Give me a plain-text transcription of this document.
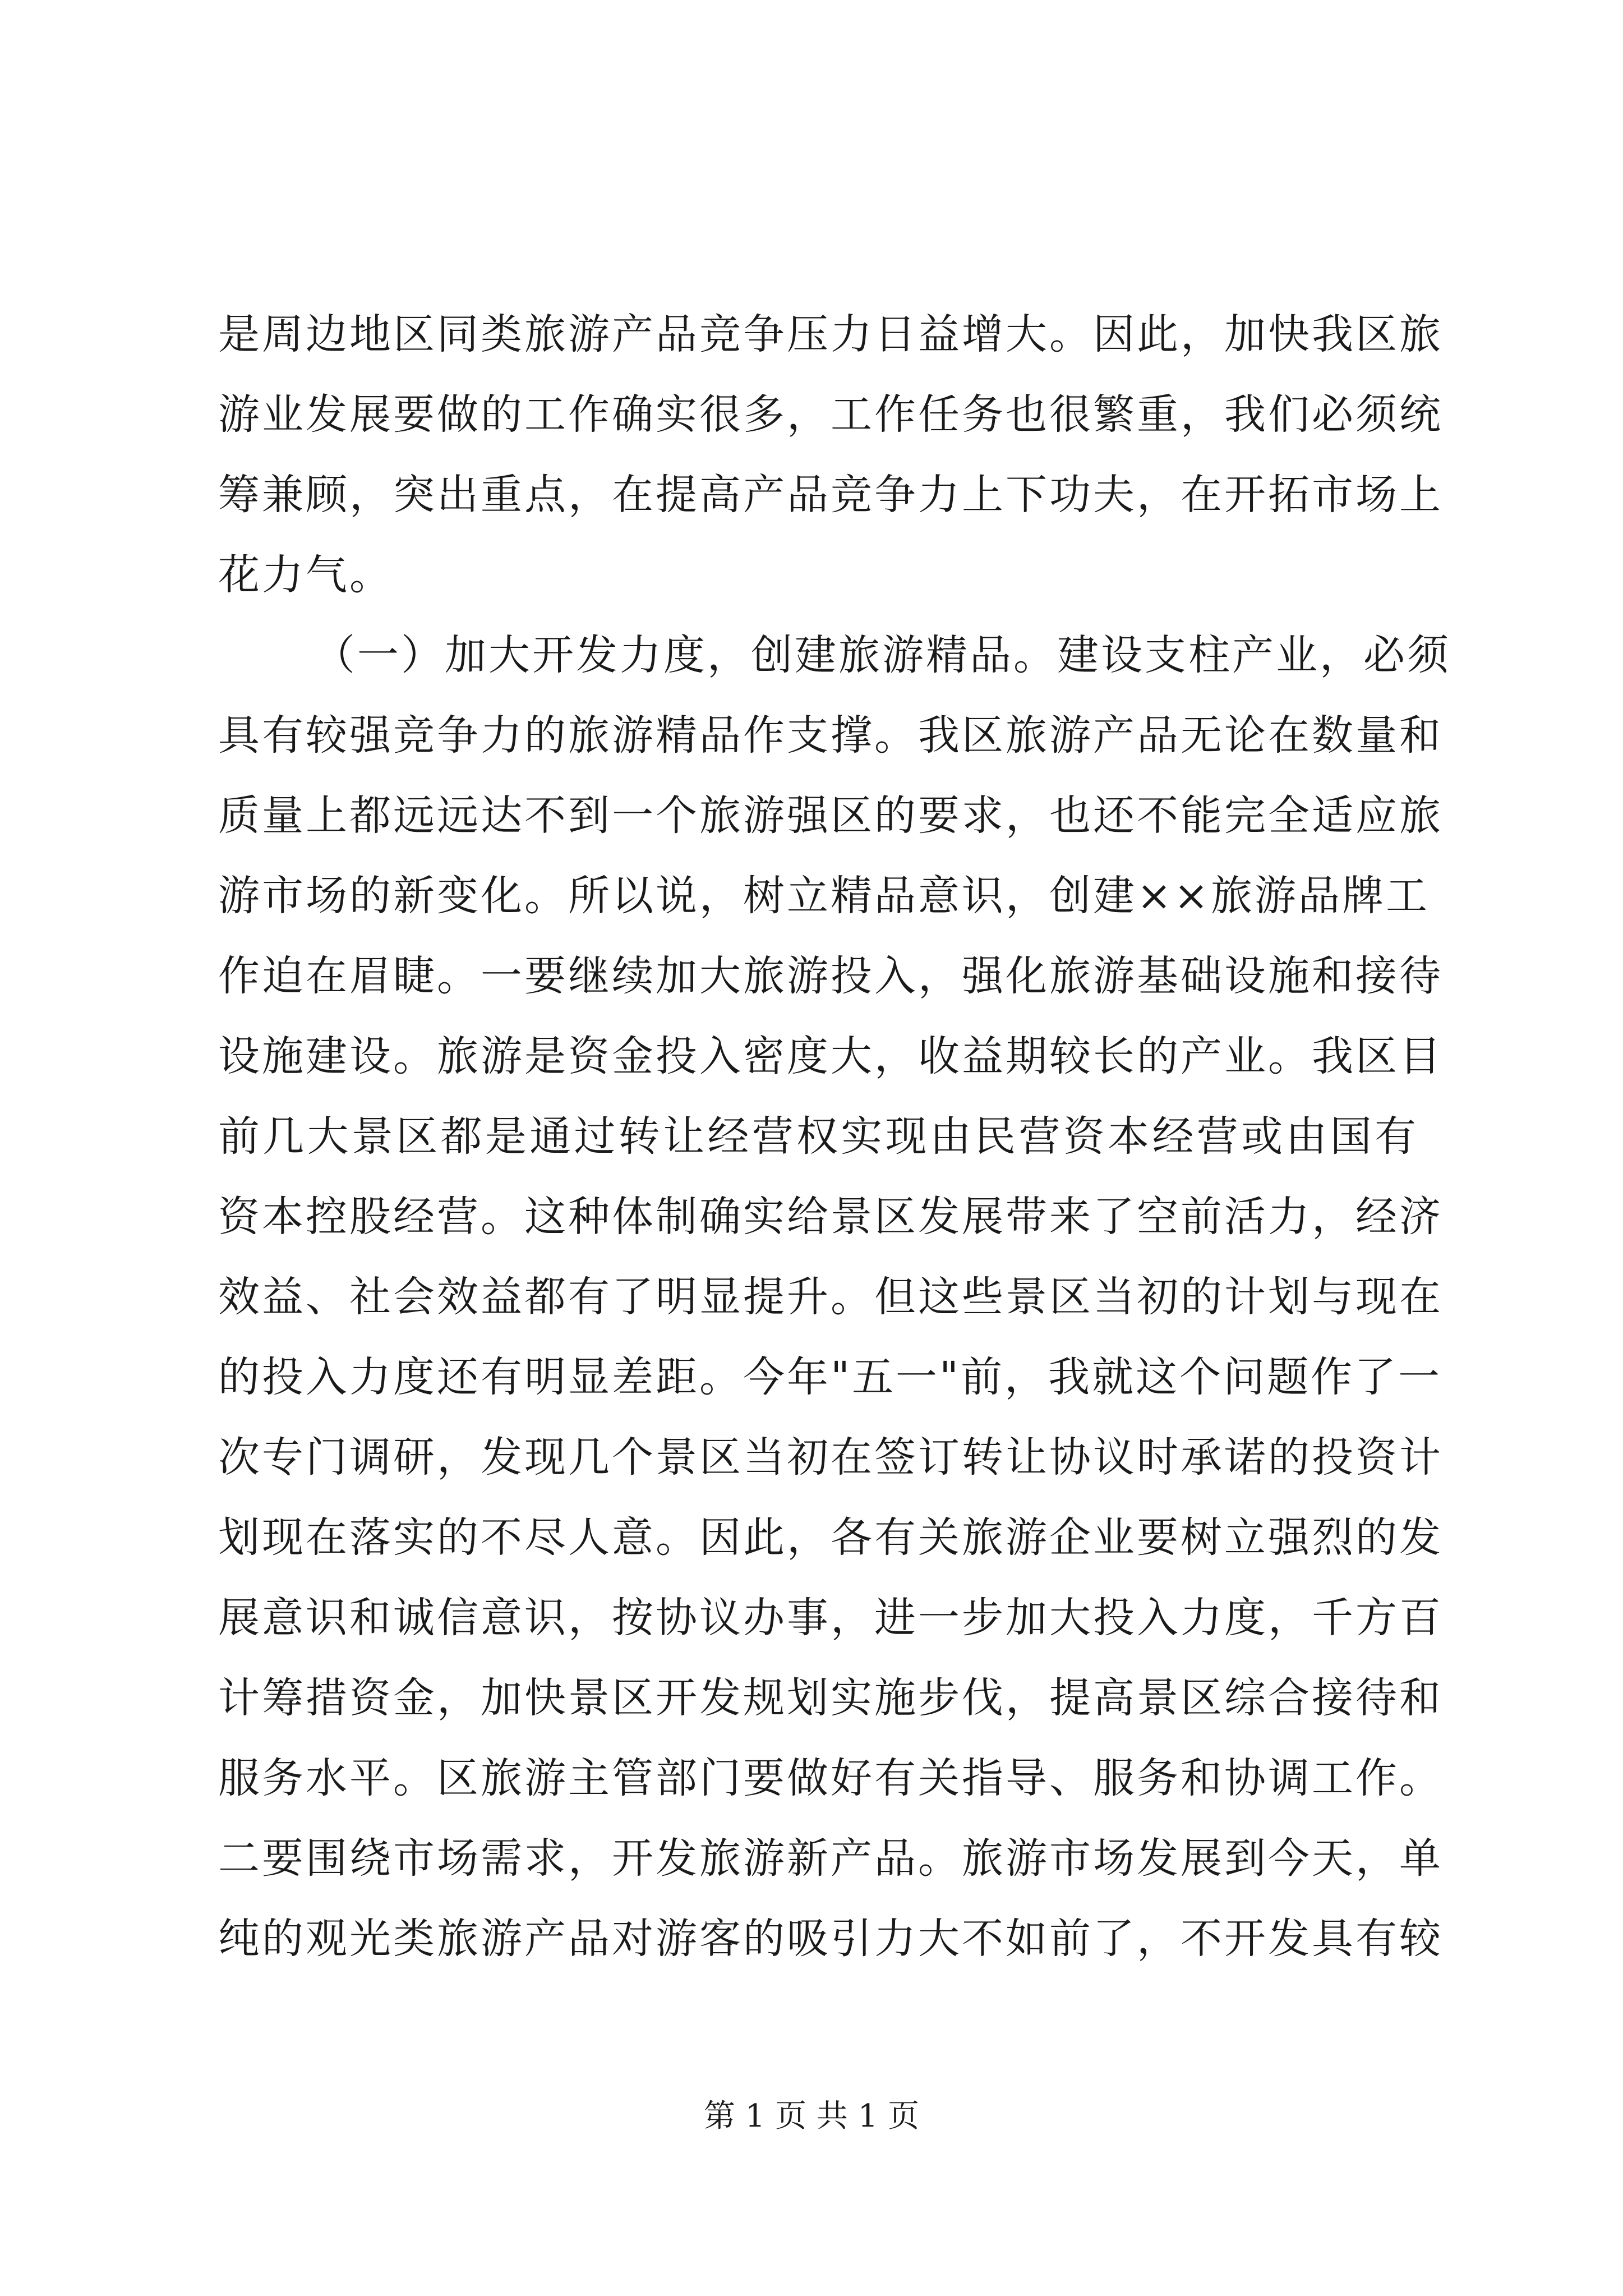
是周边地区同类旅游产品竞争压力日益增大。因此，加快我区旅
游业发展要做的工作确实很多，工作任务也很繁重，我们必须统
筹兼顾，突出重点，在提高产品竞争力上下功夫，在开拓市场上
花力气。
（一）加大开发力度，创建旅游精品。建设支柱产业，必须
具有较强竞争力的旅游精品作支撑。我区旅游产品无论在数量和
质量上都远远达不到一个旅游强区的要求，也还不能完全适应旅
游市场的新变化。所以说，树立精品意识，创建××旅游品牌工
作迫在眉睫。一要继续加大旅游投入，强化旅游基础设施和接待
设施建设。旅游是资金投入密度大，收益期较长的产业。我区目
前几大景区都是通过转让经营权实现由民营资本经营或由国有
资本控股经营。这种体制确实给景区发展带来了空前活力，经济
效益、社会效益都有了明显提升。但这些景区当初的计划与现在
的投入力度还有明显差距。今年"五一"前，我就这个问题作了一
次专门调研，发现几个景区当初在签订转让协议时承诺的投资计
划现在落实的不尽人意。因此，各有关旅游企业要树立强烈的发
展意识和诚信意识，按协议办事，进一步加大投入力度，千方百
计筹措资金，加快景区开发规划实施步伐，提高景区综合接待和
服务水平。区旅游主管部门要做好有关指导、服务和协调工作。
二要围绕市场需求，开发旅游新产品。旅游市场发展到今天，单
纯的观光类旅游产品对游客的吸引力大不如前了，不开发具有较
第 1 页 共 1 页
